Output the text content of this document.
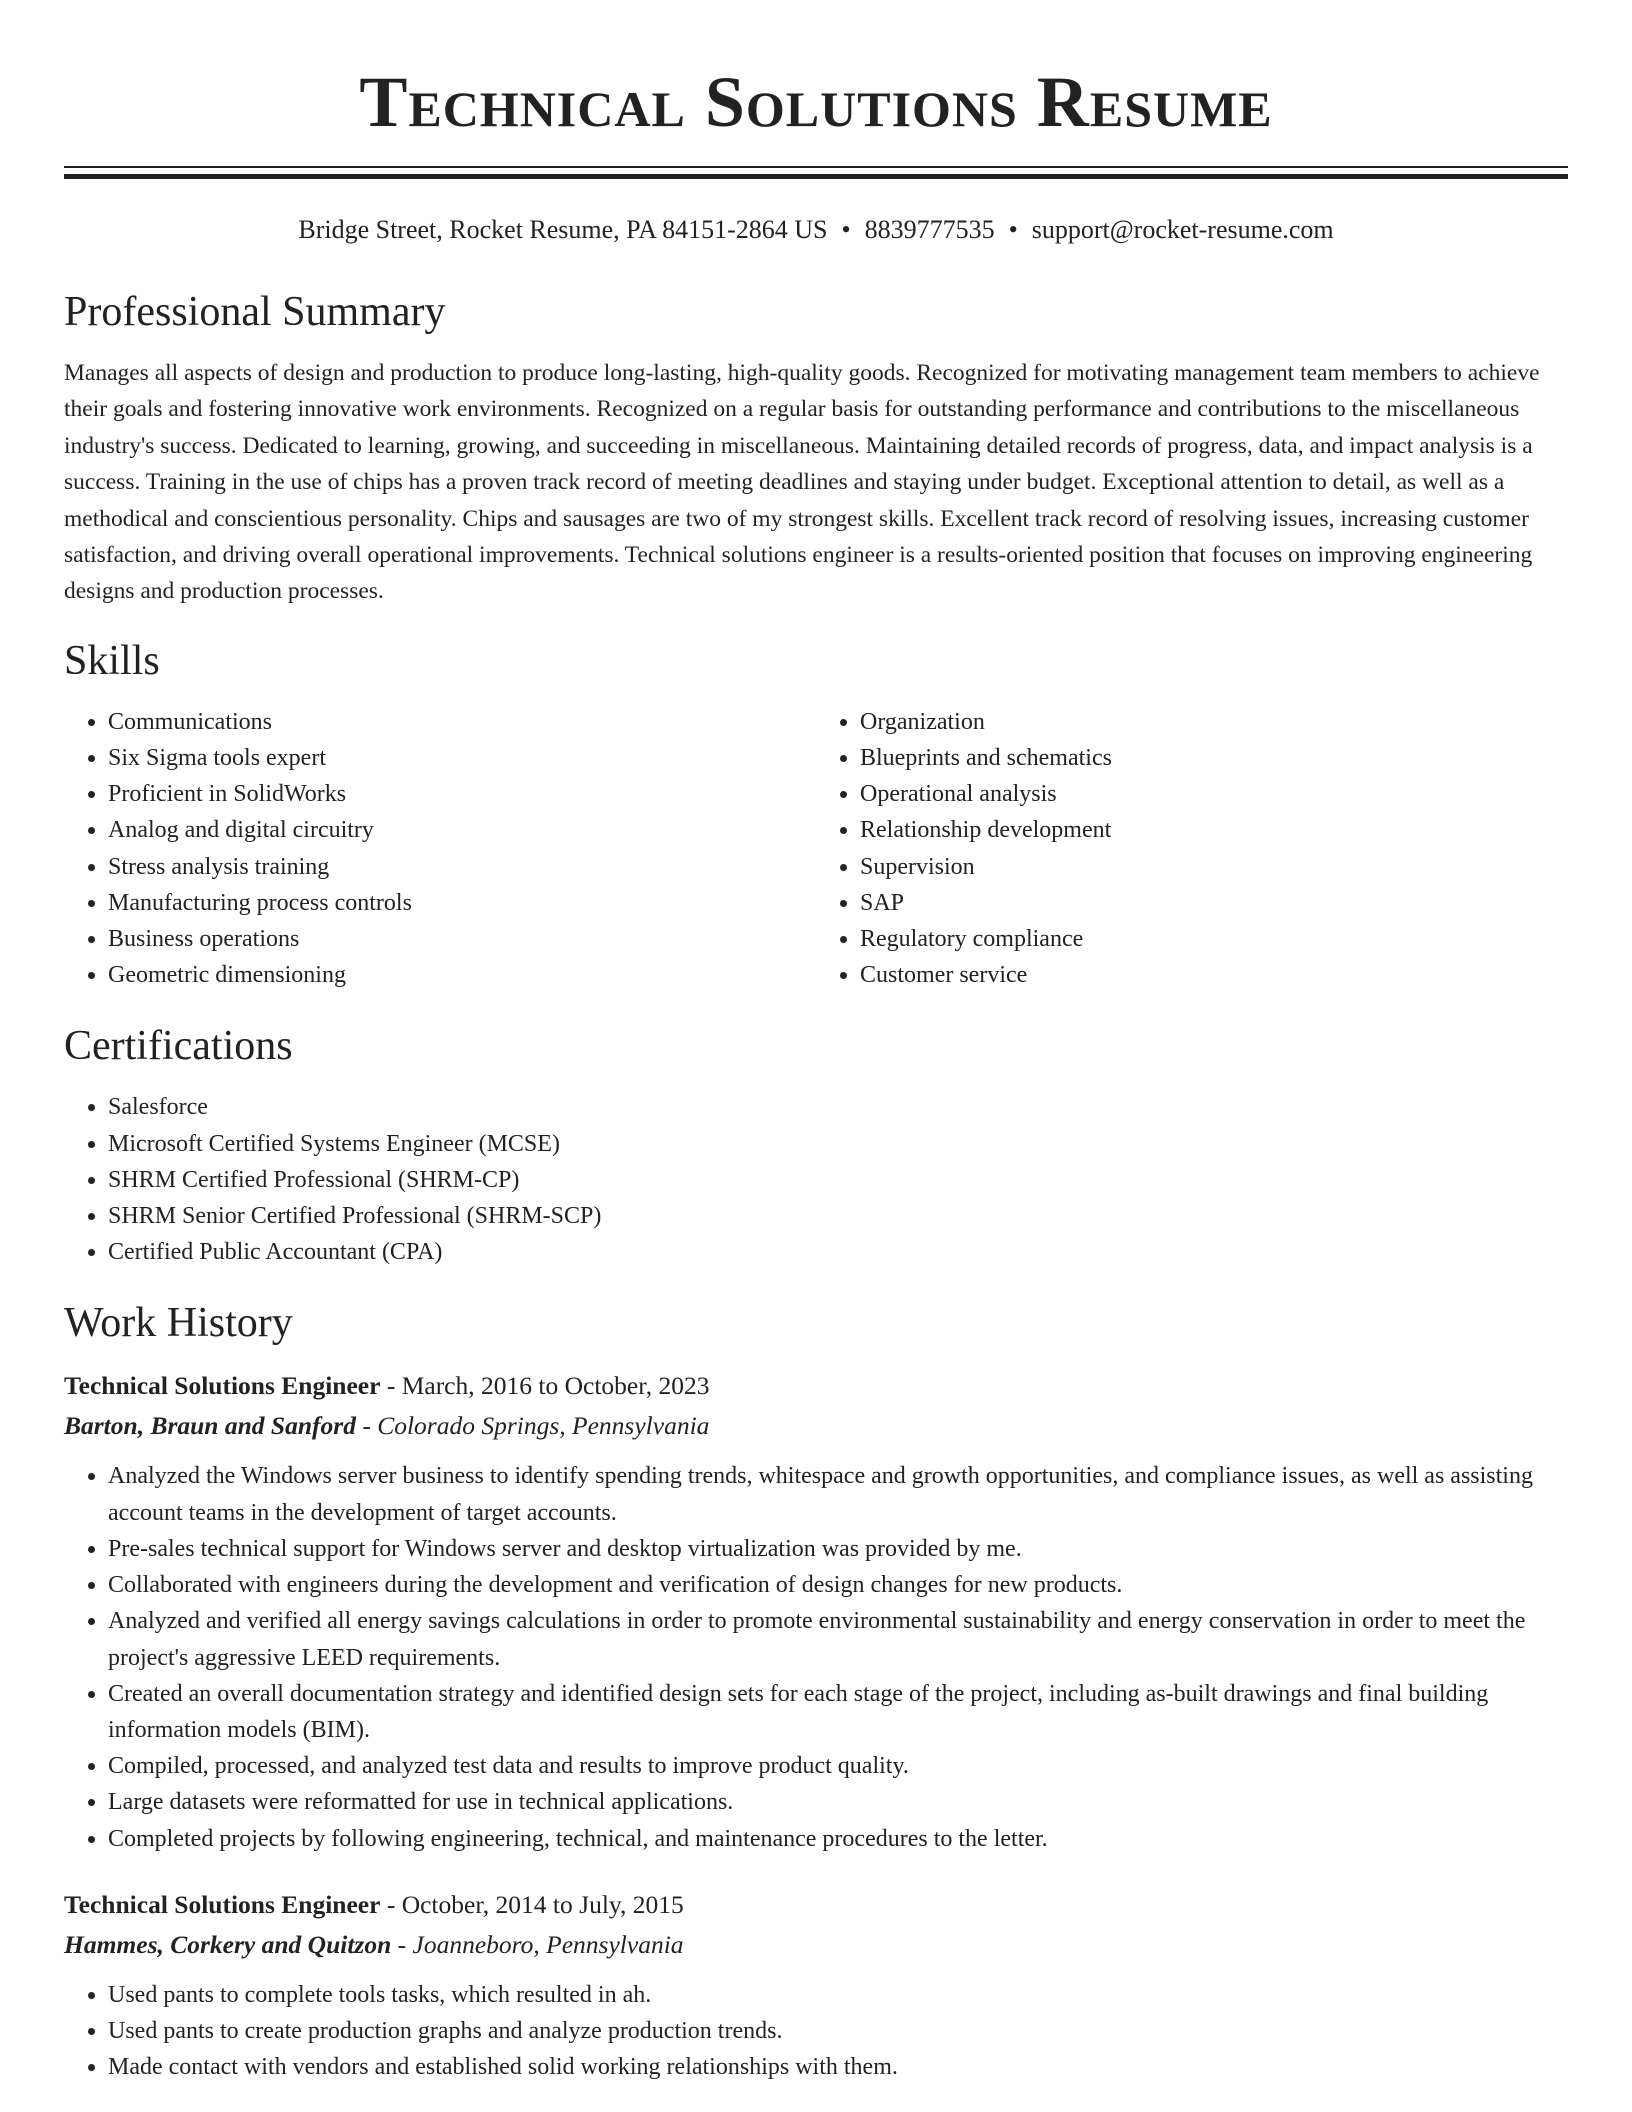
Technical Solutions Resume
Bridge Street, Rocket Resume, PA 84151-2864 US • 8839777535 • support@rocket-resume.com
Professional Summary

Manages all aspects of design and production to produce long-lasting, high-quality goods. Recognized for motivating management team members to achieve their goals and fostering innovative work environments. Recognized on a regular basis for outstanding performance and contributions to the miscellaneous industry's success. Dedicated to learning, growing, and succeeding in miscellaneous. Maintaining detailed records of progress, data, and impact analysis is a success. Training in the use of chips has a proven track record of meeting deadlines and staying under budget. Exceptional attention to detail, as well as a methodical and conscientious personality. Chips and sausages are two of my strongest skills. Excellent track record of resolving issues, increasing customer satisfaction, and driving overall operational improvements. Technical solutions engineer is a results-oriented position that focuses on improving engineering designs and production processes.

Skills
• Communications
• Six Sigma tools expert
• Proficient in SolidWorks
• Analog and digital circuitry
• Stress analysis training
• Manufacturing process controls
• Business operations
• Geometric dimensioning
• Organization
• Blueprints and schematics
• Operational analysis
• Relationship development
• Supervision
• SAP
• Regulatory compliance
• Customer service
Certifications
• Salesforce
• Microsoft Certified Systems Engineer (MCSE)
• SHRM Certified Professional (SHRM-CP)
• SHRM Senior Certified Professional (SHRM-SCP)
• Certified Public Accountant (CPA)
Work History
Technical Solutions Engineer - March, 2016 to October, 2023
Barton, Braun and Sanford - Colorado Springs, Pennsylvania
• Analyzed the Windows server business to identify spending trends, whitespace and growth opportunities, and compliance issues, as well as assisting account teams in the development of target accounts.
• Pre-sales technical support for Windows server and desktop virtualization was provided by me.
• Collaborated with engineers during the development and verification of design changes for new products.
• Analyzed and verified all energy savings calculations in order to promote environmental sustainability and energy conservation in order to meet the project's aggressive LEED requirements.
• Created an overall documentation strategy and identified design sets for each stage of the project, including as-built drawings and final building information models (BIM).
• Compiled, processed, and analyzed test data and results to improve product quality.
• Large datasets were reformatted for use in technical applications.
• Completed projects by following engineering, technical, and maintenance procedures to the letter.
Technical Solutions Engineer - October, 2014 to July, 2015
Hammes, Corkery and Quitzon - Joanneboro, Pennsylvania
• Used pants to complete tools tasks, which resulted in ah.
• Used pants to create production graphs and analyze production trends.
• Made contact with vendors and established solid working relationships with them.
